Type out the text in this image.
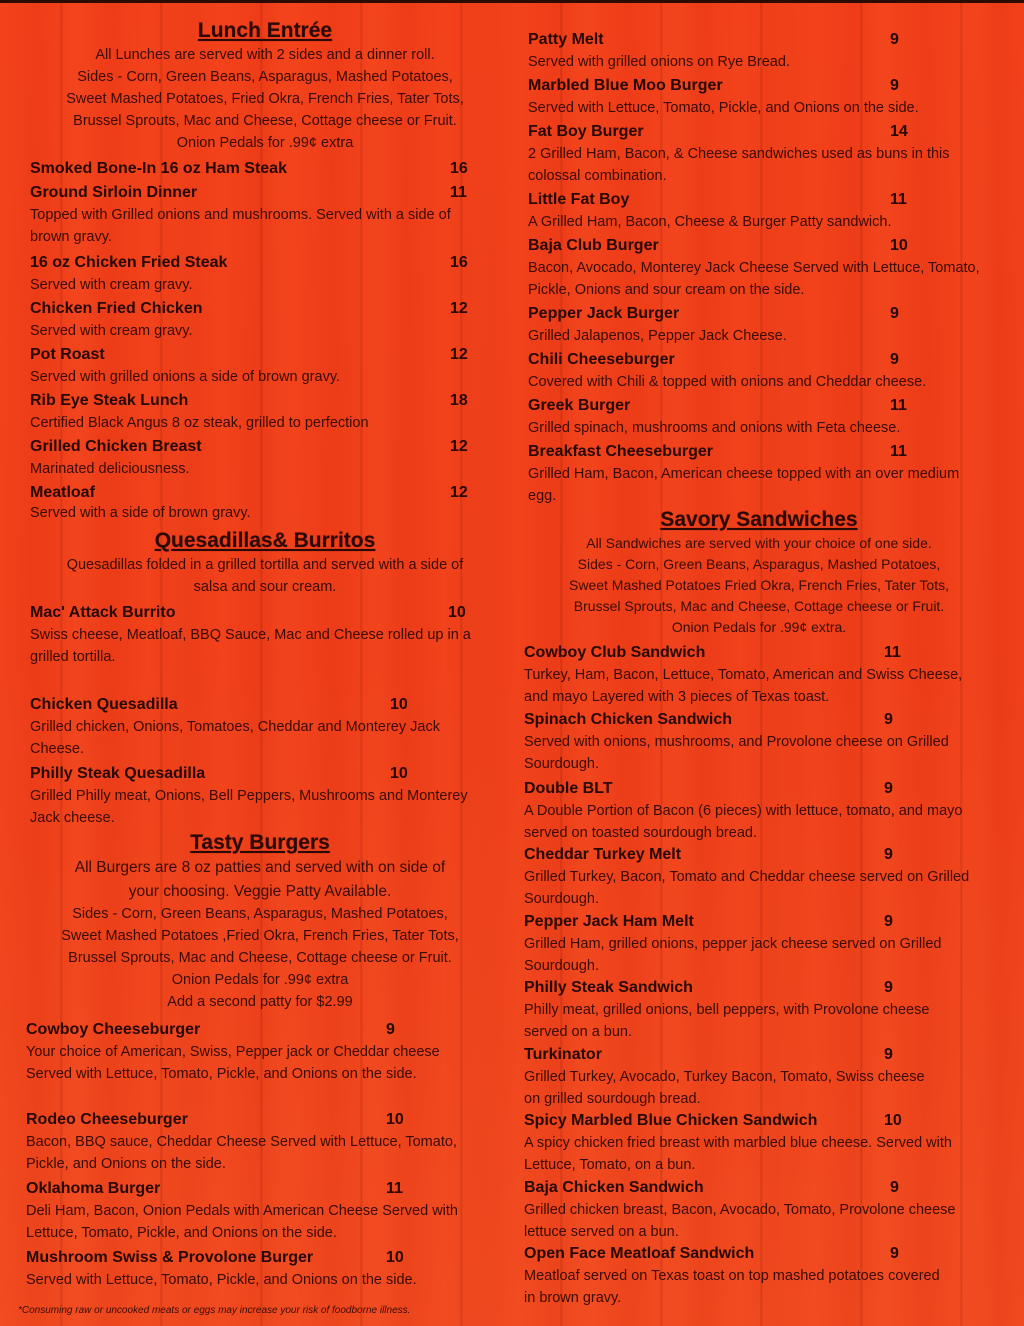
Lunch Entrée
All Lunches are served with 2 sides and a dinner roll.
Sides - Corn, Green Beans, Asparagus, Mashed Potatoes,
Sweet Mashed Potatoes, Fried Okra, French Fries, Tater Tots,
Brussel Sprouts, Mac and Cheese, Cottage cheese or Fruit.
Onion Pedals for .99¢ extra
Smoked Bone-In 16 oz Ham Steak	16
Ground Sirloin Dinner	11
Topped with Grilled onions and mushrooms. Served with a side of brown gravy.
16 oz Chicken Fried Steak	16
Served with cream gravy.
Chicken Fried Chicken	12
Served with cream gravy.
Pot Roast	12
Served with grilled onions a side of brown gravy.
Rib Eye Steak Lunch	18
Certified Black Angus 8 oz steak, grilled to perfection
Grilled Chicken Breast	12
Marinated deliciousness.
Meatloaf	12
Served with a side of brown gravy.
Quesadillas& Burritos
Quesadillas folded in a grilled tortilla and served with a side of
salsa and sour cream.
Mac' Attack Burrito	10
Swiss cheese, Meatloaf, BBQ Sauce, Mac and Cheese rolled up in a grilled tortilla.
Chicken Quesadilla	10
Grilled chicken, Onions, Tomatoes, Cheddar and Monterey Jack Cheese.
Philly Steak Quesadilla	10
Grilled Philly meat, Onions, Bell Peppers, Mushrooms and Monterey Jack cheese.
Tasty Burgers
All Burgers are 8 oz patties and served with on side of
your choosing. Veggie Patty Available.
Sides - Corn, Green Beans, Asparagus, Mashed Potatoes,
Sweet Mashed Potatoes ,Fried Okra, French Fries, Tater Tots,
Brussel Sprouts, Mac and Cheese, Cottage cheese or Fruit.
Onion Pedals for .99¢ extra
Add a second patty for $2.99
Cowboy Cheeseburger	9
Your choice of American, Swiss, Pepper jack or Cheddar cheese Served with Lettuce, Tomato, Pickle, and Onions on the side.
Rodeo Cheeseburger	10
Bacon, BBQ sauce, Cheddar Cheese Served with Lettuce, Tomato, Pickle, and Onions on the side.
Oklahoma Burger	11
Deli Ham, Bacon, Onion Pedals with American Cheese Served with Lettuce, Tomato, Pickle, and Onions on the side.
Mushroom Swiss & Provolone Burger	10
Served with Lettuce, Tomato, Pickle, and Onions on the side.
Patty Melt	9
Served with grilled onions on Rye Bread.
Marbled Blue Moo Burger	9
Served with Lettuce, Tomato, Pickle, and Onions on the side.
Fat Boy Burger	14
2 Grilled Ham, Bacon, & Cheese sandwiches used as buns in this colossal combination.
Little Fat Boy	11
A Grilled Ham, Bacon, Cheese & Burger Patty sandwich.
Baja Club Burger	10
Bacon, Avocado, Monterey Jack Cheese Served with Lettuce, Tomato, Pickle, Onions and sour cream on the side.
Pepper Jack Burger	9
Grilled Jalapenos, Pepper Jack Cheese.
Chili Cheeseburger	9
Covered with Chili & topped with onions and Cheddar cheese.
Greek Burger	11
Grilled spinach, mushrooms and onions with Feta cheese.
Breakfast Cheeseburger	11
Grilled Ham, Bacon, American cheese topped with an over medium egg.
Savory Sandwiches
All Sandwiches are served with your choice of one side.
Sides - Corn, Green Beans, Asparagus, Mashed Potatoes,
Sweet Mashed Potatoes Fried Okra, French Fries, Tater Tots,
Brussel Sprouts, Mac and Cheese, Cottage cheese or Fruit.
Onion Pedals for .99¢ extra.
Cowboy Club Sandwich	11
Turkey, Ham, Bacon, Lettuce, Tomato, American and Swiss Cheese, and mayo Layered with 3 pieces of Texas toast.
Spinach Chicken Sandwich	9
Served with onions, mushrooms, and Provolone cheese on Grilled Sourdough.
Double BLT	9
A Double Portion of Bacon (6 pieces) with lettuce, tomato, and mayo served on toasted sourdough bread.
Cheddar Turkey Melt	9
Grilled Turkey, Bacon, Tomato and Cheddar cheese served on Grilled Sourdough.
Pepper Jack Ham Melt	9
Grilled Ham, grilled onions, pepper jack cheese served on Grilled Sourdough.
Philly Steak Sandwich	9
Philly meat, grilled onions, bell peppers, with Provolone cheese served on a bun.
Turkinator	9
Grilled Turkey, Avocado, Turkey Bacon, Tomato, Swiss cheese on grilled sourdough bread.
Spicy Marbled Blue Chicken Sandwich	10
A spicy chicken fried breast with marbled blue cheese. Served with Lettuce, Tomato, on a bun.
Baja Chicken Sandwich	9
Grilled chicken breast, Bacon, Avocado, Tomato, Provolone cheese lettuce served on a bun.
Open Face Meatloaf Sandwich	9
Meatloaf served on Texas toast on top mashed potatoes covered in brown gravy.
*Consuming raw or uncooked meats or eggs may increase your risk of foodborne illness.
